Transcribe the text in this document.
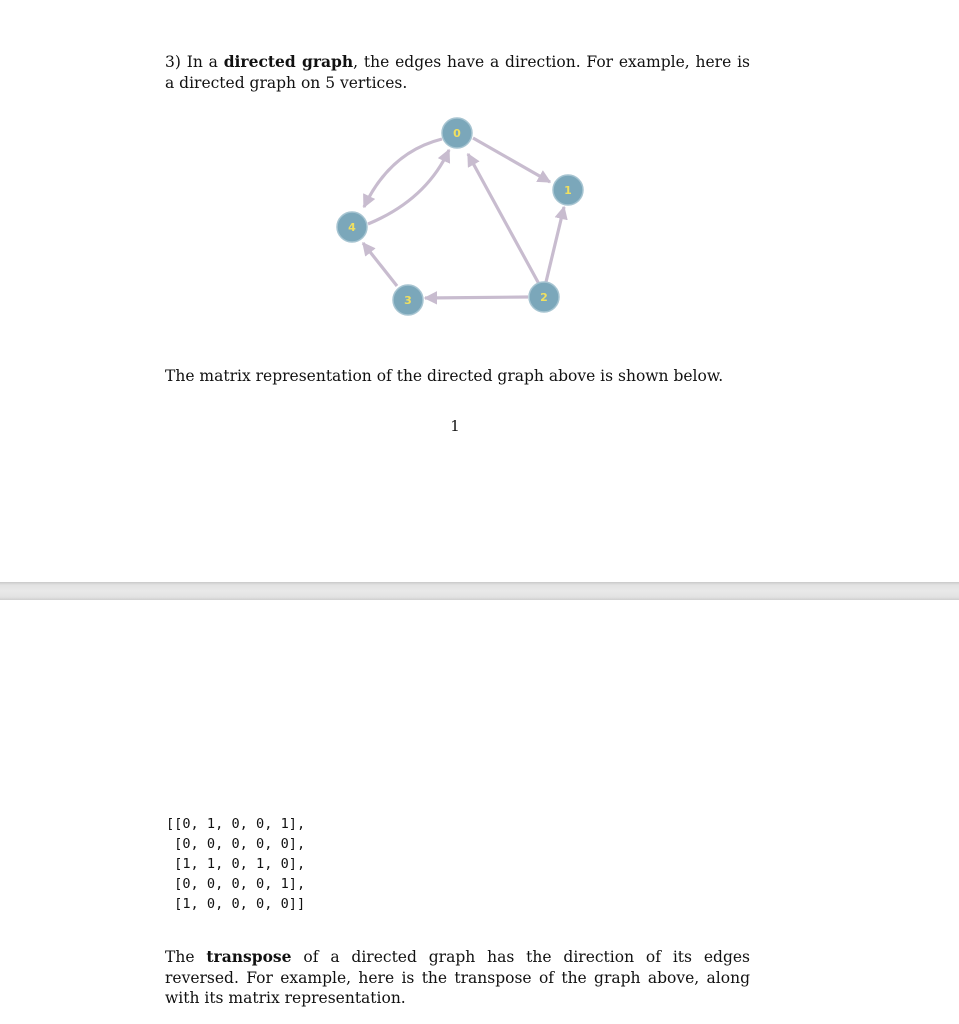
3) In a directed graph, the edges have a direction. For example, here is a directed graph on 5 vertices.
0
1
2
3
4
The matrix representation of the directed graph above is shown below.
1
[[0, 1, 0, 0, 1],
[0, 0, 0, 0, 0],
[1, 1, 0, 1, 0],
[0, 0, 0, 0, 1],
[1, 0, 0, 0, 0]]
The transpose of a directed graph has the direction of its edges reversed. For example, here is the transpose of the graph above, along with its matrix representation.
